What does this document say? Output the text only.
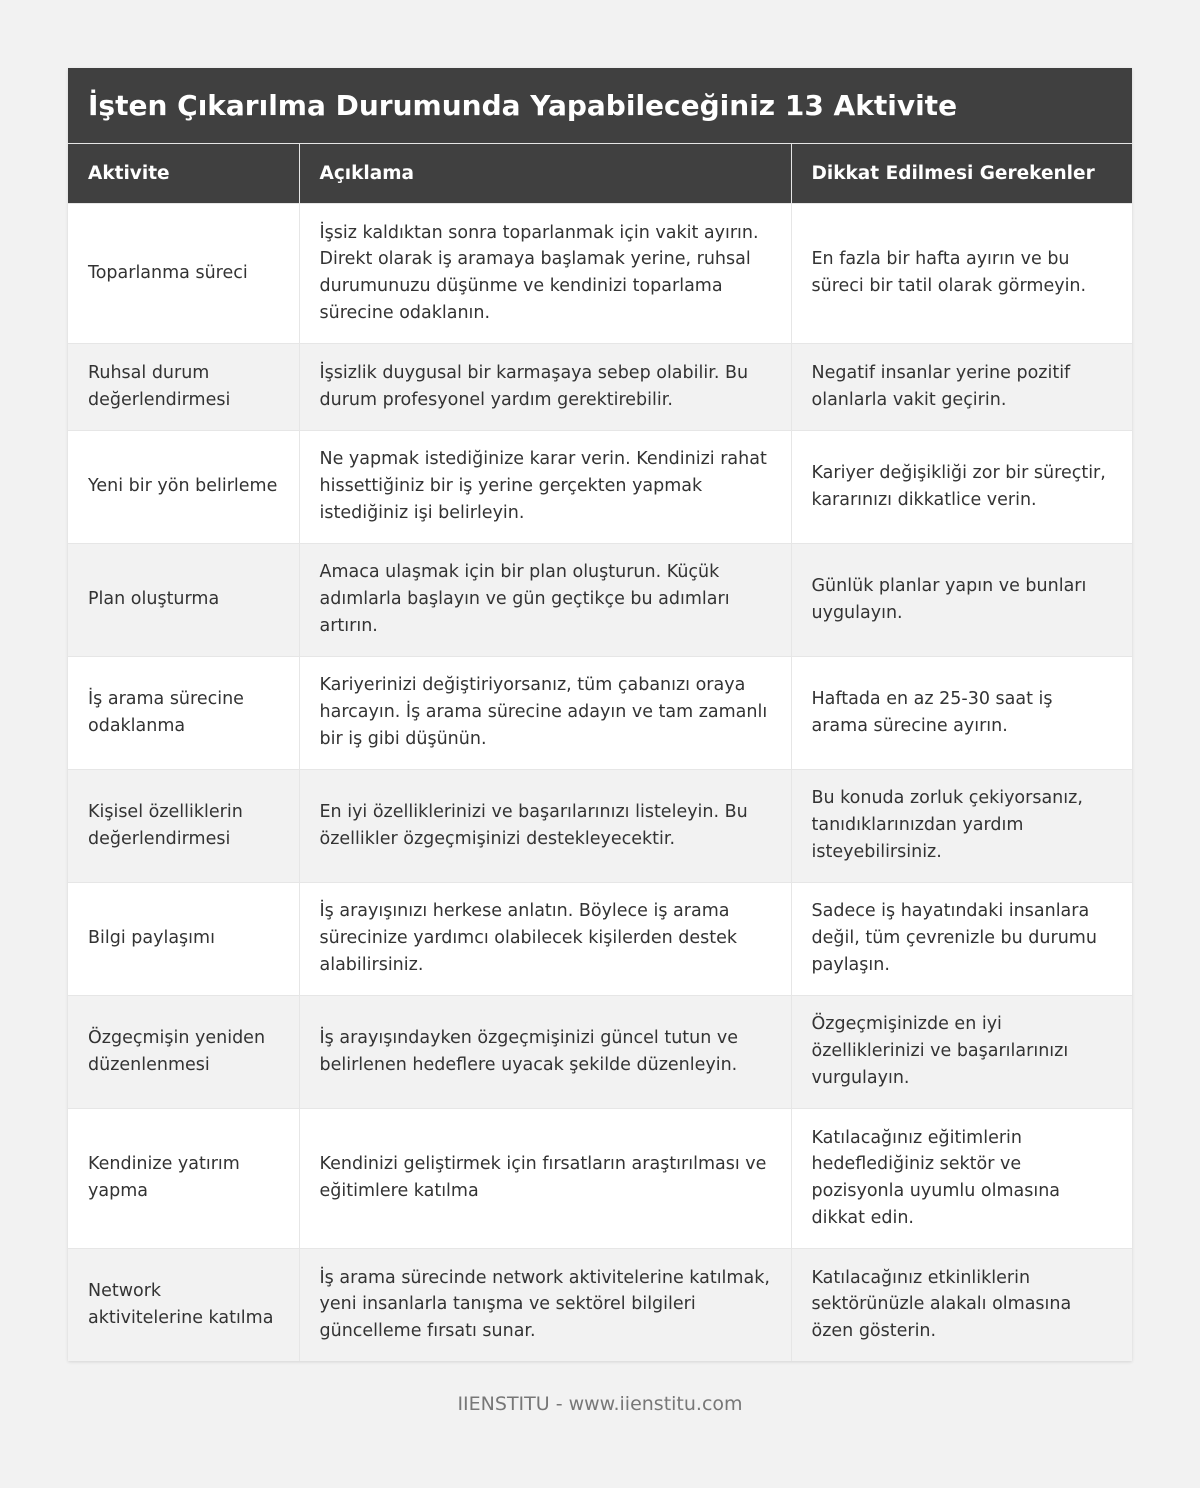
İşten Çıkarılma Durumunda Yapabileceğiniz 13 Aktivite
Aktivite	Açıklama	Dikkat Edilmesi Gerekenler
Toparlanma süreci	İşsiz kaldıktan sonra toparlanmak için vakit ayırın. Direkt olarak iş aramaya başlamak yerine, ruhsal durumunuzu düşünme ve kendinizi toparlama sürecine odaklanın.	En fazla bir hafta ayırın ve bu süreci bir tatil olarak görmeyin.
Ruhsal durum değerlendirmesi	İşsizlik duygusal bir karmaşaya sebep olabilir. Bu durum profesyonel yardım gerektirebilir.	Negatif insanlar yerine pozitif olanlarla vakit geçirin.
Yeni bir yön belirleme	Ne yapmak istediğinize karar verin. Kendinizi rahat hissettiğiniz bir iş yerine gerçekten yapmak istediğiniz işi belirleyin.	Kariyer değişikliği zor bir süreçtir, kararınızı dikkatlice verin.
Plan oluşturma	Amaca ulaşmak için bir plan oluşturun. Küçük adımlarla başlayın ve gün geçtikçe bu adımları artırın.	Günlük planlar yapın ve bunları uygulayın.
İş arama sürecine odaklanma	Kariyerinizi değiştiriyorsanız, tüm çabanızı oraya harcayın. İş arama sürecine adayın ve tam zamanlı bir iş gibi düşünün.	Haftada en az 25-30 saat iş arama sürecine ayırın.
Kişisel özelliklerin değerlendirmesi	En iyi özelliklerinizi ve başarılarınızı listeleyin. Bu özellikler özgeçmişinizi destekleyecektir.	Bu konuda zorluk çekiyorsanız, tanıdıklarınızdan yardım isteyebilirsiniz.
Bilgi paylaşımı	İş arayışınızı herkese anlatın. Böylece iş arama sürecinize yardımcı olabilecek kişilerden destek alabilirsiniz.	Sadece iş hayatındaki insanlara değil, tüm çevrenizle bu durumu paylaşın.
Özgeçmişin yeniden düzenlenmesi	İş arayışındayken özgeçmişinizi güncel tutun ve belirlenen hedeflere uyacak şekilde düzenleyin.	Özgeçmişinizde en iyi özelliklerinizi ve başarılarınızı vurgulayın.
Kendinize yatırım yapma	Kendinizi geliştirmek için fırsatların araştırılması ve eğitimlere katılma	Katılacağınız eğitimlerin hedeflediğiniz sektör ve pozisyonla uyumlu olmasına dikkat edin.
Network aktivitelerine katılma	İş arama sürecinde network aktivitelerine katılmak, yeni insanlarla tanışma ve sektörel bilgileri güncelleme fırsatı sunar.	Katılacağınız etkinliklerin sektörünüzle alakalı olmasına özen gösterin.
IIENSTITU - www.iienstitu.com
